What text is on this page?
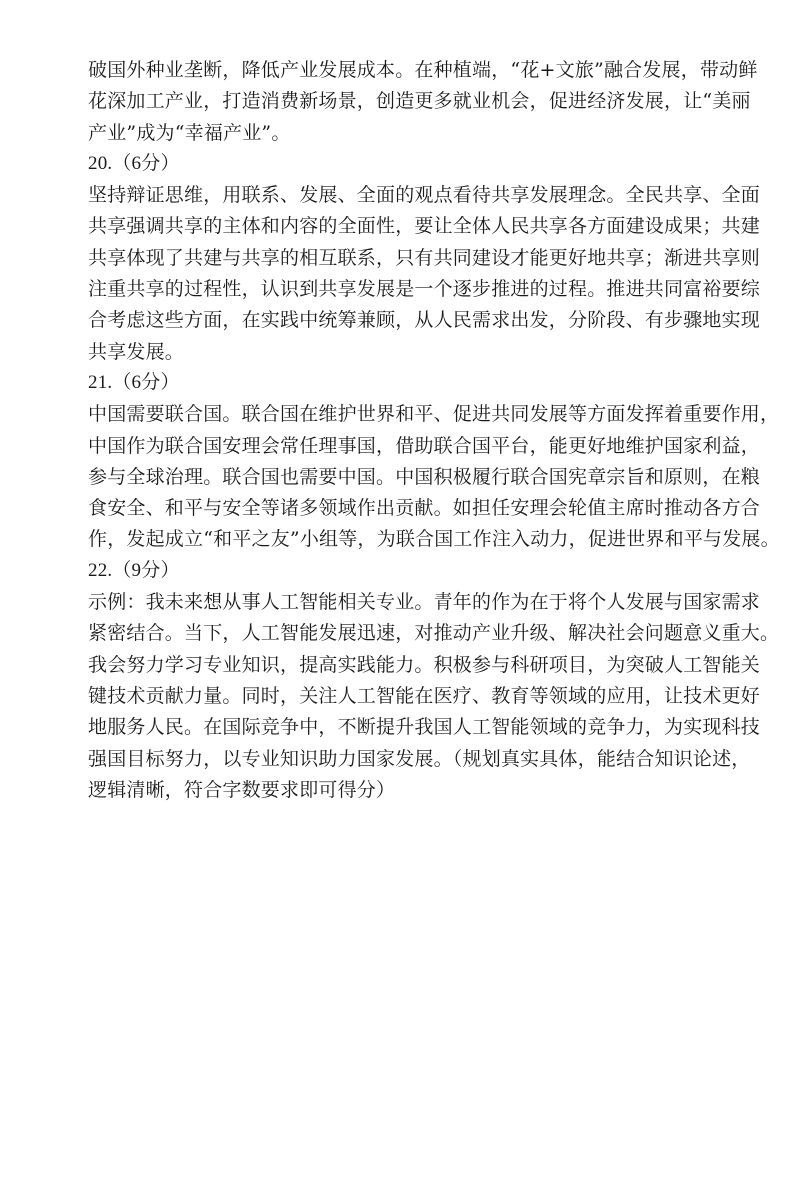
破国外种业垄断，降低产业发展成本。在种植端，“花+文旅”融合发展，带动鲜
花深加工产业，打造消费新场景，创造更多就业机会，促进经济发展，让“美丽
产业”成为“幸福产业”。
20.（6分）
坚持辩证思维，用联系、发展、全面的观点看待共享发展理念。全民共享、全面
共享强调共享的主体和内容的全面性，要让全体人民共享各方面建设成果；共建
共享体现了共建与共享的相互联系，只有共同建设才能更好地共享；渐进共享则
注重共享的过程性，认识到共享发展是一个逐步推进的过程。推进共同富裕要综
合考虑这些方面，在实践中统筹兼顾，从人民需求出发，分阶段、有步骤地实现
共享发展。
21.（6分）
中国需要联合国。联合国在维护世界和平、促进共同发展等方面发挥着重要作用，
中国作为联合国安理会常任理事国，借助联合国平台，能更好地维护国家利益，
参与全球治理。联合国也需要中国。中国积极履行联合国宪章宗旨和原则，在粮
食安全、和平与安全等诸多领域作出贡献。如担任安理会轮值主席时推动各方合
作，发起成立“和平之友”小组等，为联合国工作注入动力，促进世界和平与发展。
22.（9分）
示例：我未来想从事人工智能相关专业。青年的作为在于将个人发展与国家需求
紧密结合。当下，人工智能发展迅速，对推动产业升级、解决社会问题意义重大。
我会努力学习专业知识，提高实践能力。积极参与科研项目，为突破人工智能关
键技术贡献力量。同时，关注人工智能在医疗、教育等领域的应用，让技术更好
地服务人民。在国际竞争中，不断提升我国人工智能领域的竞争力，为实现科技
强国目标努力，以专业知识助力国家发展。（规划真实具体，能结合知识论述，
逻辑清晰，符合字数要求即可得分）
